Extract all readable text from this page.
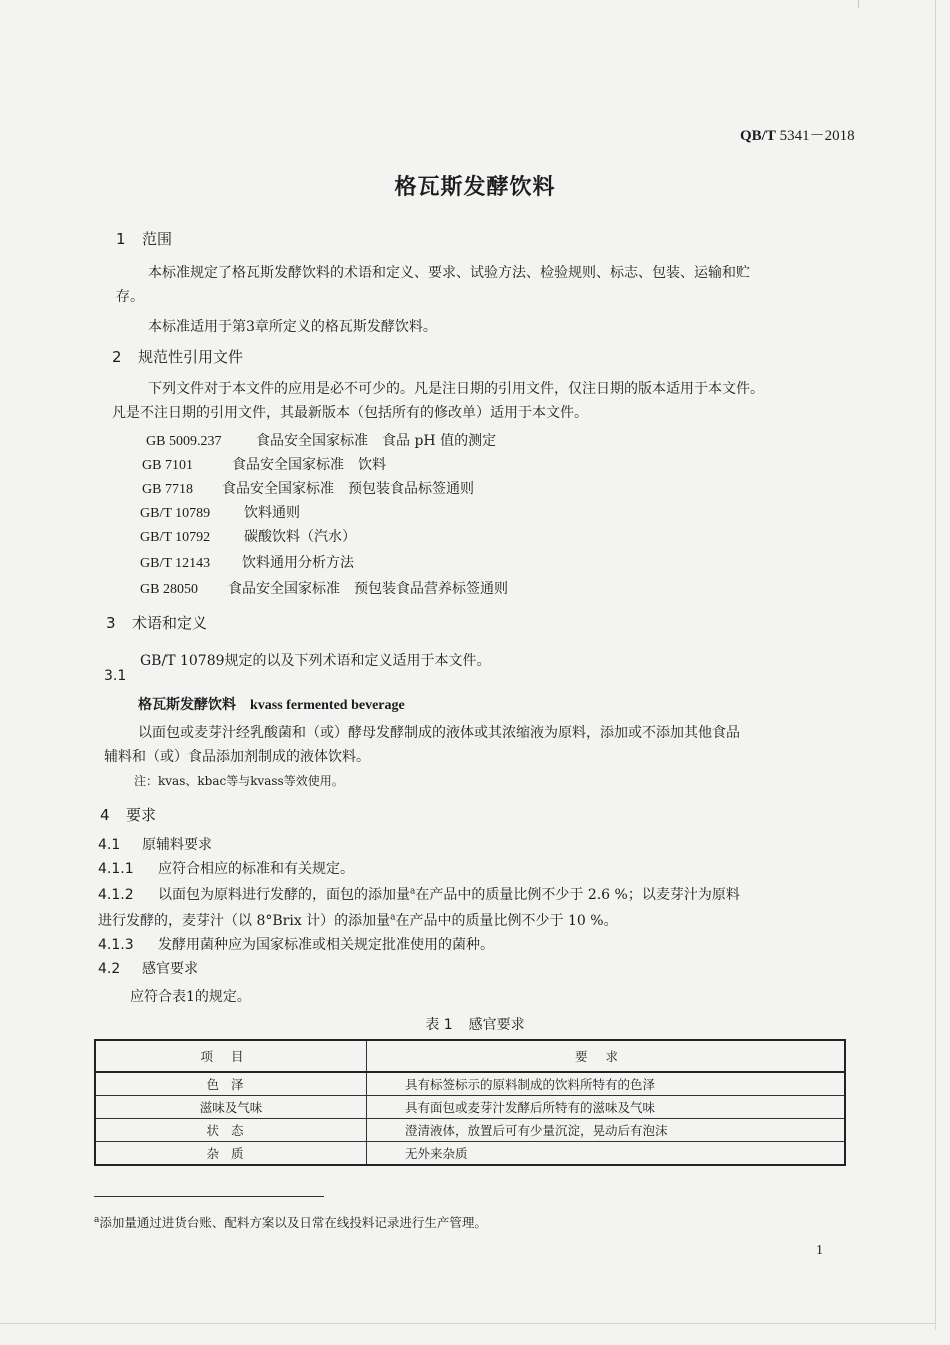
QB/T 5341－2018
格瓦斯发酵饮料
1 范围
本标准规定了格瓦斯发酵饮料的术语和定义、要求、试验方法、检验规则、标志、包装、运输和贮
存。
本标准适用于第3章所定义的格瓦斯发酵饮料。
2 规范性引用文件
下列文件对于本文件的应用是必不可少的。凡是注日期的引用文件，仅注日期的版本适用于本文件。
凡是不注日期的引用文件，其最新版本（包括所有的修改单）适用于本文件。
GB 5009.237 食品安全国家标准　食品 pH 值的测定
GB 7101	食品安全国家标准　饮料
GB 7718 食品安全国家标准　预包装食品标签通则
GB/T 10789 饮料通则
GB/T 10792 碳酸饮料（汽水）
GB/T 12143 饮料通用分析方法
GB 28050 食品安全国家标准　预包装食品营养标签通则
3 术语和定义
GB/T 10789规定的以及下列术语和定义适用于本文件。
3.1
格瓦斯发酵饮料 kvass fermented beverage
以面包或麦芽汁经乳酸菌和（或）酵母发酵制成的液体或其浓缩液为原料，添加或不添加其他食品
辅料和（或）食品添加剂制成的液体饮料。
注：kvas、kbac等与kvass等效使用。
4 要求
4.1 原辅料要求
4.1.1 应符合相应的标准和有关规定。
4.1.2 以面包为原料进行发酵的，面包的添加量$^a$在产品中的质量比例不少于 2.6 %；以麦芽汁为原料
进行发酵的，麦芽汁（以 8°Brix 计）的添加量$^a$在产品中的质量比例不少于 10 %。
4.1.3 发酵用菌种应为国家标准或相关规定批准使用的菌种。
4.2 感官要求
应符合表1的规定。
表 1 感官要求
项目	要求
色泽	具有标签标示的原料制成的饮料所特有的色泽
滋味及气味	具有面包或麦芽汁发酵后所特有的滋味及气味
状态	澄清液体，放置后可有少量沉淀，晃动后有泡沫
杂质	无外来杂质
$^a$添加量通过进货台账、配料方案以及日常在线投料记录进行生产管理。
1
